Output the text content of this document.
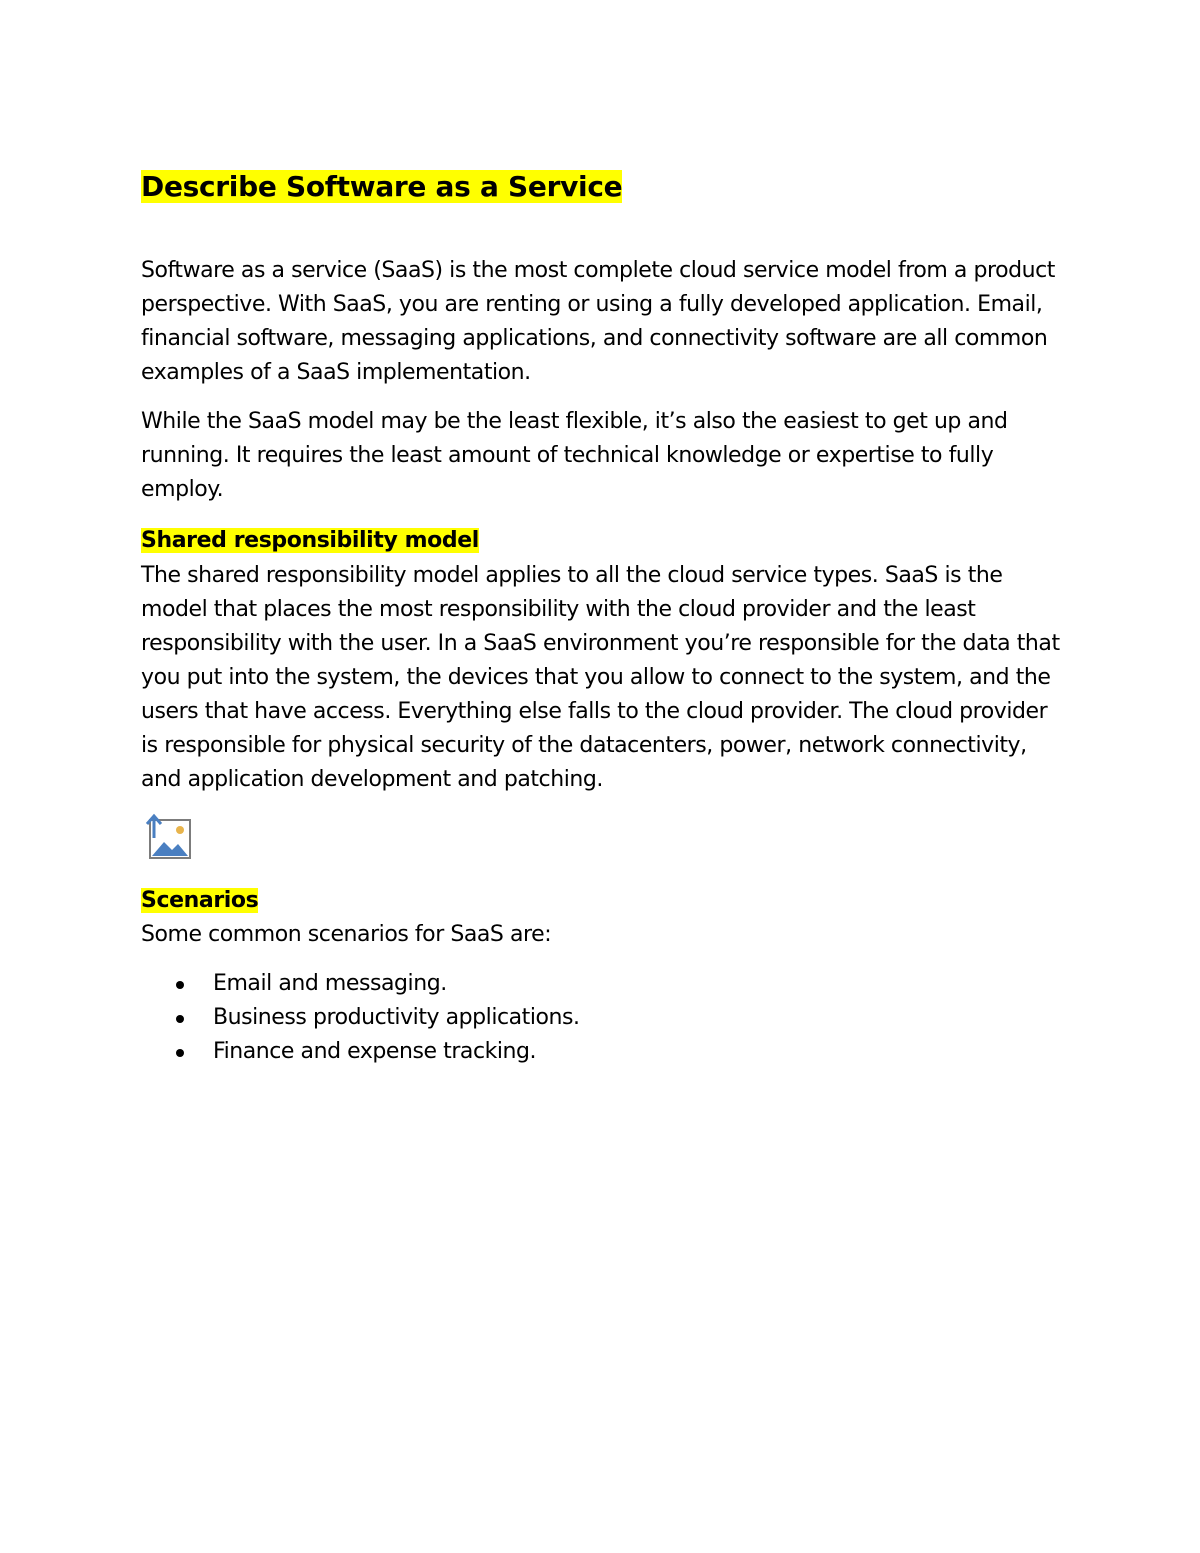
Describe Software as a Service

Software as a service (SaaS) is the most complete cloud service model from a product perspective. With SaaS, you are renting or using a fully developed application. Email, financial software, messaging applications, and connectivity software are all common examples of a SaaS implementation.

While the SaaS model may be the least flexible, it’s also the easiest to get up and running. It requires the least amount of technical knowledge or expertise to fully employ.

Shared responsibility model

The shared responsibility model applies to all the cloud service types. SaaS is the model that places the most responsibility with the cloud provider and the least responsibility with the user. In a SaaS environment you’re responsible for the data that you put into the system, the devices that you allow to connect to the system, and the users that have access. Everything else falls to the cloud provider. The cloud provider is responsible for physical security of the datacenters, power, network connectivity, and application development and patching.

Scenarios

Some common scenarios for SaaS are:

Email and messaging.
Business productivity applications.
Finance and expense tracking.
